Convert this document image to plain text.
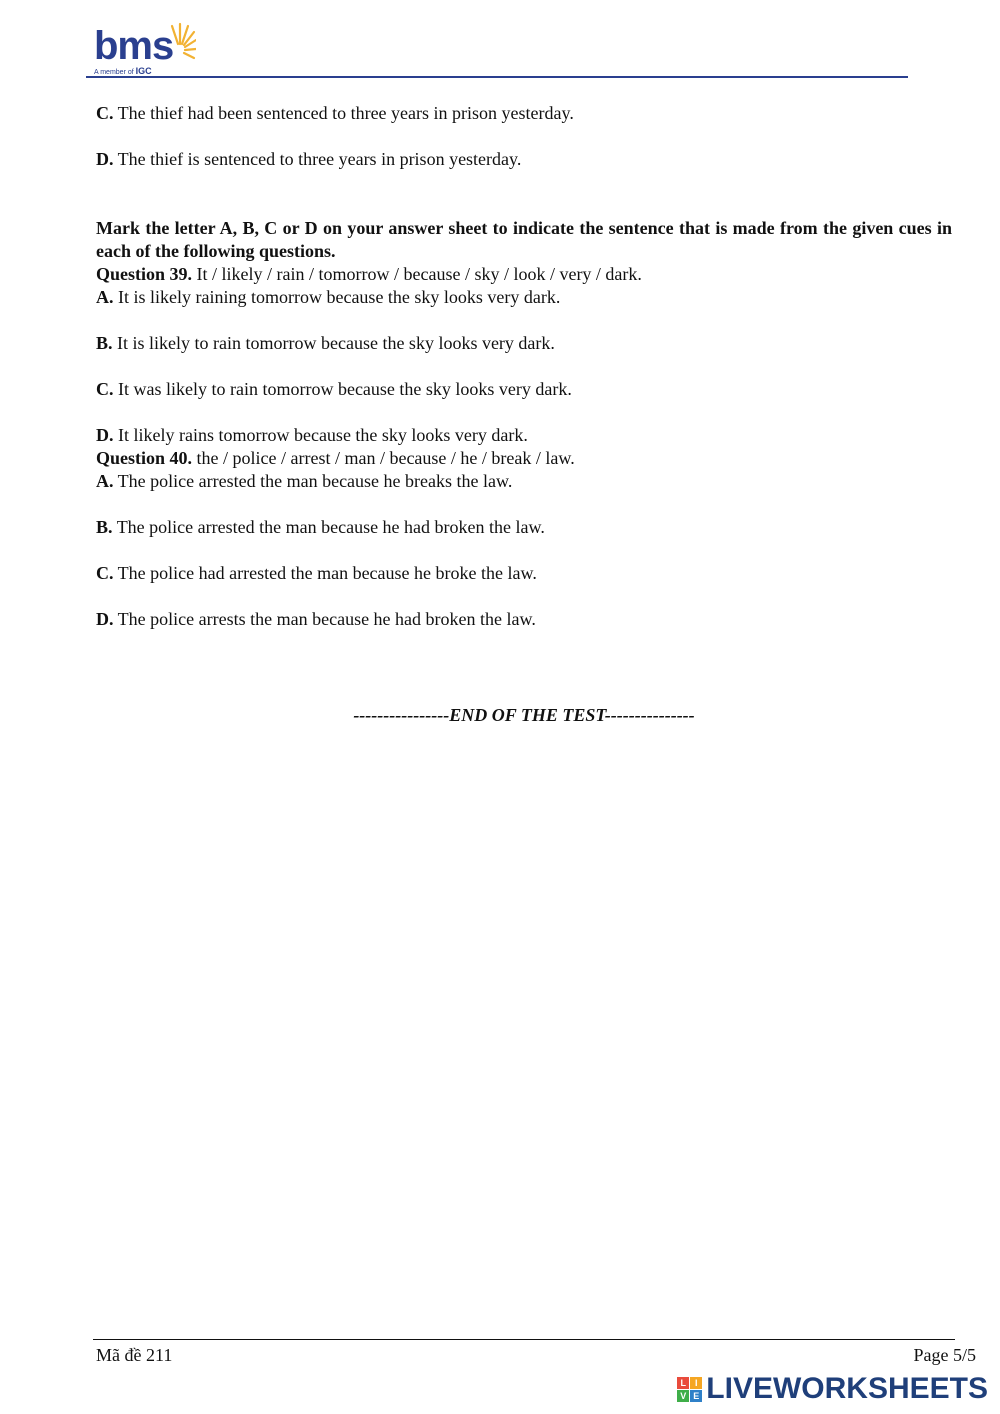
bms
A member of IGC
C. The thief had been sentenced to three years in prison yesterday.
D. The thief is sentenced to three years in prison yesterday.
Mark the letter A, B, C or D on your answer sheet to indicate the sentence that is made from the given cues in each of the following questions.
Question 39. It / likely / rain / tomorrow / because / sky / look / very / dark.
A. It is likely raining tomorrow because the sky looks very dark.
B. It is likely to rain tomorrow because the sky looks very dark.
C. It was likely to rain tomorrow because the sky looks very dark.
D. It likely rains tomorrow because the sky looks very dark.
Question 40. the / police / arrest / man / because / he / break / law.
A. The police arrested the man because he breaks the law.
B. The police arrested the man because he had broken the law.
C. The police had arrested the man because he broke the law.
D. The police arrests the man because he had broken the law.
----------------END OF THE TEST---------------
Mã đề 211	Page 5/5
L I
V E LIVEWORKSHEETS
